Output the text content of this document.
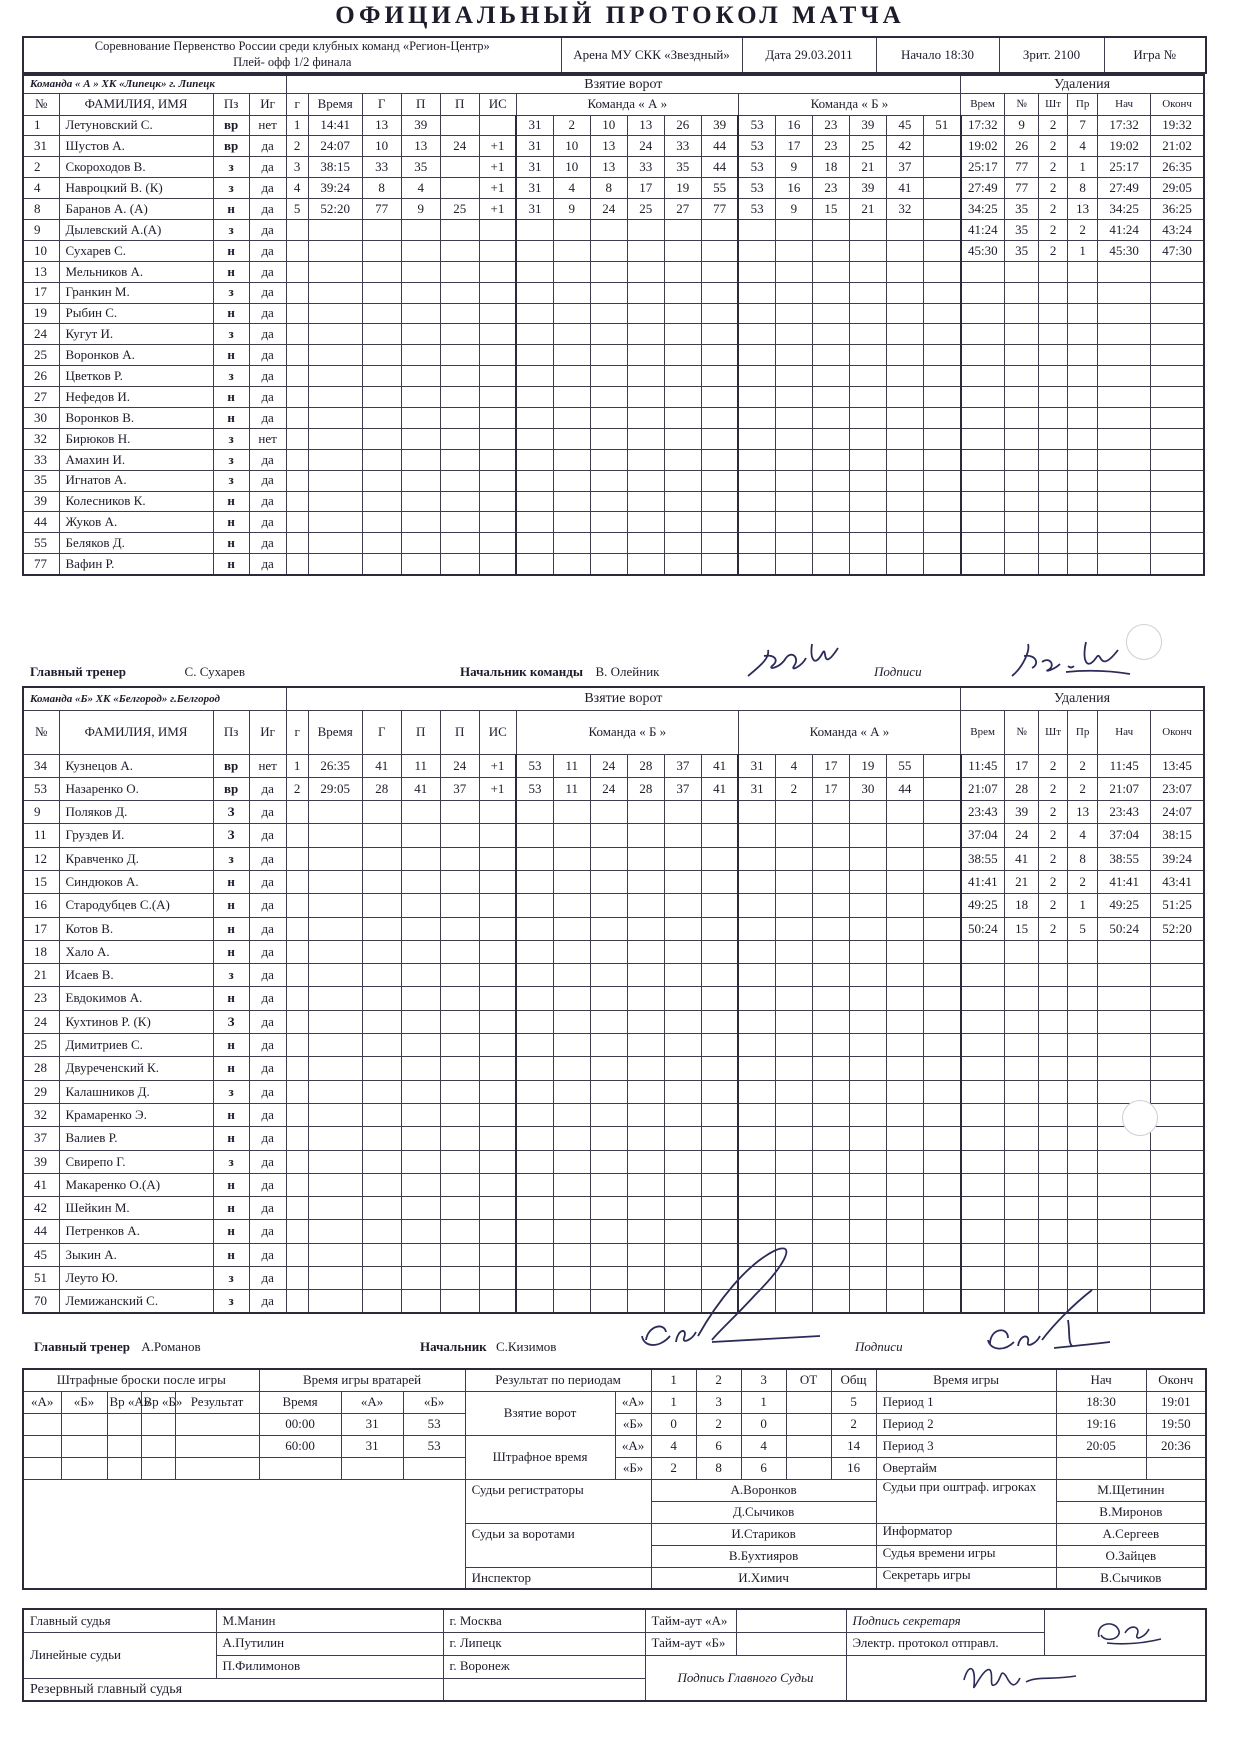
ОФИЦИАЛЬНЫЙ ПРОТОКОЛ МАТЧА
Соревнование Первенство России среди клубных команд «Регион-Центр»
Плей- офф 1/2 финала
	Арена МУ СКК «Звездный»	Дата 29.03.2011	Начало 18:30	Зрит. 2100	Игра №
Команда « А » ХК «Липецк» г. Липецк				Взятие ворот																		Удаления					
№	ФАМИЛИЯ, ИМЯ	Пз	Иг	г	Время	Г	П	П	ИС	Команда « А »						Команда « Б »						Врем	№	Шт	Пр	Нач	Оконч
1	Летуновский С.	вр	нет	1	14:41	13	39			31	2	10	13	26	39	53	16	23	39	45	51	17:32	9	2	7	17:32	19:32
31	Шустов А.	вр	да	2	24:07	10	13	24	+1	31	10	13	24	33	44	53	17	23	25	42		19:02	26	2	4	19:02	21:02
2	Скороходов В.	з	да	3	38:15	33	35		+1	31	10	13	33	35	44	53	9	18	21	37		25:17	77	2	1	25:17	26:35
4	Навроцкий В. (К)	з	да	4	39:24	8	4		+1	31	4	8	17	19	55	53	16	23	39	41		27:49	77	2	8	27:49	29:05
8	Баранов А. (А)	н	да	5	52:20	77	9	25	+1	31	9	24	25	27	77	53	9	15	21	32		34:25	35	2	13	34:25	36:25
9	Дылевский А.(А)	з	да																			41:24	35	2	2	41:24	43:24
10	Сухарев С.	н	да																			45:30	35	2	1	45:30	47:30
13	Мельников А.	н	да																								
17	Гранкин М.	з	да																								
19	Рыбин С.	н	да																								
24	Кугут И.	з	да																								
25	Воронков А.	н	да																								
26	Цветков Р.	з	да																								
27	Нефедов И.	н	да																								
30	Воронков В.	н	да																								
32	Бирюков Н.	з	нет																								
33	Амахин И.	з	да																								
35	Игнатов А.	з	да																								
39	Колесников К.	н	да																								
44	Жуков А.	н	да																								
55	Беляков Д.	н	да																								
77	Вафин Р.	н	да																								
Главный тренер	С. Сухарев	Начальник команды В. Олейник	Подписи
Команда «Б» ХК «Белгород» г.Белгород				Взятие ворот																		Удаления					
№	ФАМИЛИЯ, ИМЯ	Пз	Иг	г	Время	Г	П	П	ИС	Команда « Б »						Команда « А »						Врем	№	Шт	Пр	Нач	Оконч
34	Кузнецов А.	вр	нет	1	26:35	41	11	24	+1	53	11	24	28	37	41	31	4	17	19	55		11:45	17	2	2	11:45	13:45
53	Назаренко О.	вр	да	2	29:05	28	41	37	+1	53	11	24	28	37	41	31	2	17	30	44		21:07	28	2	2	21:07	23:07
9	Поляков Д.	З	да																			23:43	39	2	13	23:43	24:07
11	Груздев И.	З	да																			37:04	24	2	4	37:04	38:15
12	Кравченко Д.	з	да																			38:55	41	2	8	38:55	39:24
15	Синдюков А.	н	да																			41:41	21	2	2	41:41	43:41
16	Стародубцев С.(А)	н	да																			49:25	18	2	1	49:25	51:25
17	Котов В.	н	да																			50:24	15	2	5	50:24	52:20
18	Хало А.	н	да																								
21	Исаев В.	з	да																								
23	Евдокимов А.	н	да																								
24	Кухтинов Р. (К)	З	да																								
25	Димитриев С.	н	да																								
28	Двуреченский К.	н	да																								
29	Калашников Д.	з	да																								
32	Крамаренко Э.	н	да																								
37	Валиев Р.	н	да																								
39	Свирепо Г.	з	да																								
41	Макаренко О.(А)	н	да																								
42	Шейкин М.	н	да																								
44	Петренков А.	н	да																								
45	Зыкин А.	н	да																								
51	Леуто Ю.	з	да																								
70	Лемижанский С.	з	да																								
Главный тренер А.Романов	Начальник С.Кизимов	Подписи
Штрафные броски после игры					Время игры вратарей			Результат по периодам		1	2	3	ОТ	Общ	Время игры	Нач	Оконч
«А»	«Б»	Вр «А»	Вр «Б»	Результат	Время	«А»	«Б»	Взятие ворот	«А»	1	3	1		5	Период 1	18:30	19:01
					00:00	31	53		«Б»	0	2	0		2	Период 2	19:16	19:50
					60:00	31	53	Штрафное время	«А»	4	6	4		14	Период 3	20:05	20:36
									«Б»	2	8	6		16	Овертайм		
								Судьи регистраторы		А.Воронков					Судьи при оштраф. игроках	М.Щетинин	
										Д.Сычиков						В.Миронов	
								Судьи за воротами		И.Стариков					Информатор	А.Сергеев	
										В.Бухтияров					Судья времени игры	О.Зайцев	
								Инспектор		И.Химич					Секретарь игры	В.Сычиков	
Главный судья	М.Манин	г. Москва	Тайм-аут «А»		Подпись секретаря	
Линейные судьи	А.Путилин	г. Липецк	Тайм-аут «Б»		Электр. протокол отправл.	
	П.Филимонов	г. Воронеж	Подпись Главного Судьи	
Резервный главный судья						
